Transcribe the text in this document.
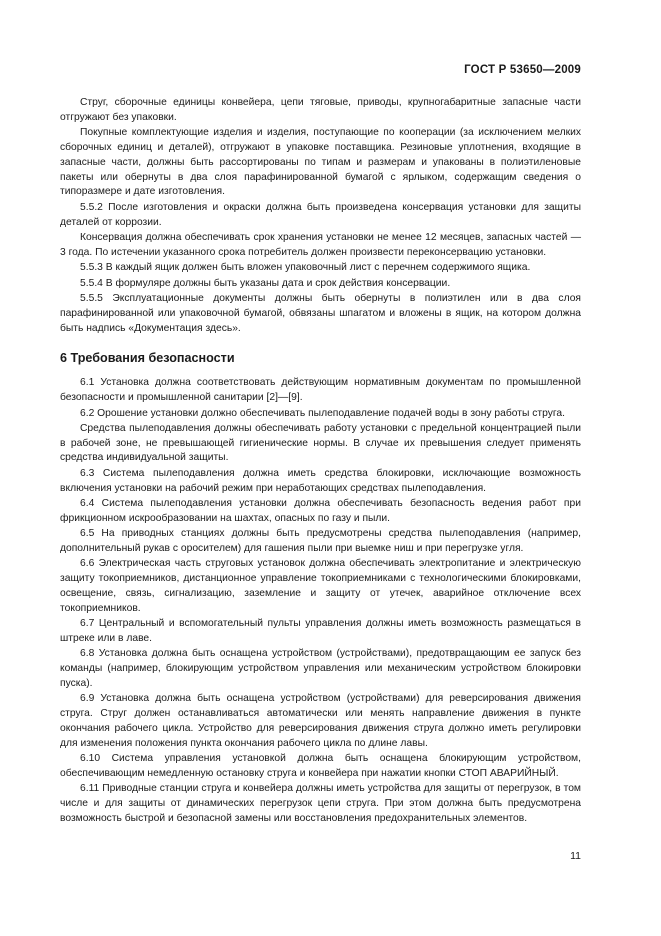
ГОСТ Р 53650—2009

Струг, сборочные единицы конвейера, цепи тяговые, приводы, крупногабаритные запасные части отгружают без упаковки.

Покупные комплектующие изделия и изделия, поступающие по кооперации (за исключением мелких сборочных единиц и деталей), отгружают в упаковке поставщика. Резиновые уплотнения, входящие в запасные части, должны быть рассортированы по типам и размерам и упакованы в полиэтиленовые пакеты или обернуты в два слоя парафинированной бумагой с ярлыком, содержащим сведения о типоразмере и дате изготовления.

5.5.2 После изготовления и окраски должна быть произведена консервация установки для защиты деталей от коррозии.

Консервация должна обеспечивать срок хранения установки не менее 12 месяцев, запасных частей — 3 года. По истечении указанного срока потребитель должен произвести переконсервацию установки.

5.5.3 В каждый ящик должен быть вложен упаковочный лист с перечнем содержимого ящика.

5.5.4 В формуляре должны быть указаны дата и срок действия консервации.

5.5.5 Эксплуатационные документы должны быть обернуты в полиэтилен или в два слоя парафинированной или упаковочной бумагой, обвязаны шпагатом и вложены в ящик, на котором должна быть надпись «Документация здесь».

6 Требования безопасности

6.1 Установка должна соответствовать действующим нормативным документам по промышленной безопасности и промышленной санитарии [2]—[9].

6.2 Орошение установки должно обеспечивать пылеподавление подачей воды в зону работы струга.

Средства пылеподавления должны обеспечивать работу установки с предельной концентрацией пыли в рабочей зоне, не превышающей гигиенические нормы. В случае их превышения следует применять средства индивидуальной защиты.

6.3 Система пылеподавления должна иметь средства блокировки, исключающие возможность включения установки на рабочий режим при неработающих средствах пылеподавления.

6.4 Система пылеподавления установки должна обеспечивать безопасность ведения работ при фрикционном искрообразовании на шахтах, опасных по газу и пыли.

6.5 На приводных станциях должны быть предусмотрены средства пылеподавления (например, дополнительный рукав с оросителем) для гашения пыли при выемке ниш и при перегрузке угля.

6.6 Электрическая часть струговых установок должна обеспечивать электропитание и электрическую защиту токоприемников, дистанционное управление токоприемниками с технологическими блокировками, освещение, связь, сигнализацию, заземление и защиту от утечек, аварийное отключение всех токоприемников.

6.7 Центральный и вспомогательный пульты управления должны иметь возможность размещаться в штреке или в лаве.

6.8 Установка должна быть оснащена устройством (устройствами), предотвращающим ее запуск без команды (например, блокирующим устройством управления или механическим устройством блокировки пуска).

6.9 Установка должна быть оснащена устройством (устройствами) для реверсирования движения струга. Струг должен останавливаться автоматически или менять направление движения в пункте окончания рабочего цикла. Устройство для реверсирования движения струга должно иметь регулировки для изменения положения пункта окончания рабочего цикла по длине лавы.

6.10 Система управления установкой должна быть оснащена блокирующим устройством, обеспечивающим немедленную остановку струга и конвейера при нажатии кнопки СТОП АВАРИЙНЫЙ.

6.11 Приводные станции струга и конвейера должны иметь устройства для защиты от перегрузок, в том числе и для защиты от динамических перегрузок цепи струга. При этом должна быть предусмотрена возможность быстрой и безопасной замены или восстановления предохранительных элементов.

11
